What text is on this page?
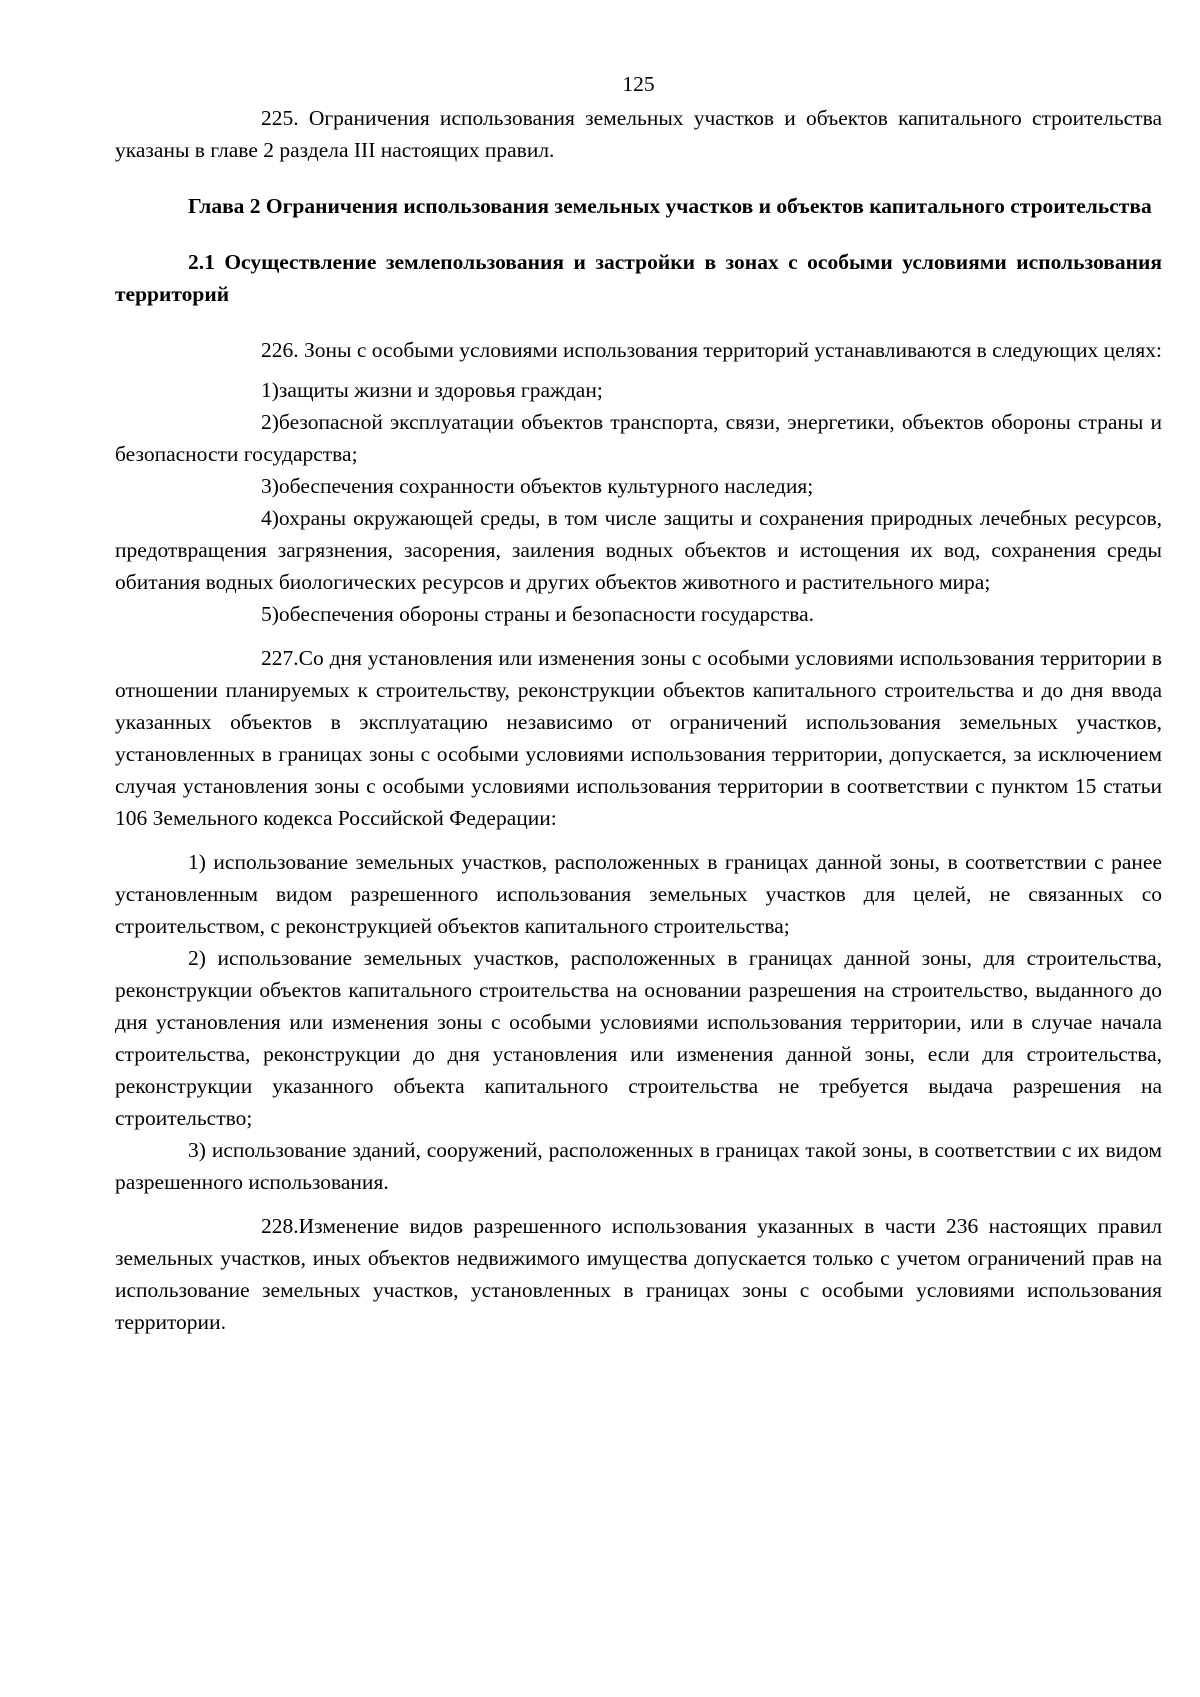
125

225. Ограничения использования земельных участков и объектов капитального строительства указаны в главе 2 раздела III настоящих правил.

Глава 2 Ограничения использования земельных участков и объектов капитального строительства

2.1 Осуществление землепользования и застройки в зонах с особыми условиями использования территорий

226. Зоны с особыми условиями использования территорий устанавливаются в следующих целях:

1)защиты жизни и здоровья граждан;

2)безопасной эксплуатации объектов транспорта, связи, энергетики, объектов обороны страны и безопасности государства;

3)обеспечения сохранности объектов культурного наследия;

4)охраны окружающей среды, в том числе защиты и сохранения природных лечебных ресурсов, предотвращения загрязнения, засорения, заиления водных объектов и истощения их вод, сохранения среды обитания водных биологических ресурсов и других объектов животного и растительного мира;

5)обеспечения обороны страны и безопасности государства.

227.Со дня установления или изменения зоны с особыми условиями использования территории в отношении планируемых к строительству, реконструкции объектов капитального строительства и до дня ввода указанных объектов в эксплуатацию независимо от ограничений использования земельных участков, установленных в границах зоны с особыми условиями использования территории, допускается, за исключением случая установления зоны с особыми условиями использования территории в соответствии с пунктом 15 статьи 106 Земельного кодекса Российской Федерации:

1) использование земельных участков, расположенных в границах данной зоны, в соответствии с ранее установленным видом разрешенного использования земельных участков для целей, не связанных со строительством, с реконструкцией объектов капитального строительства;

2) использование земельных участков, расположенных в границах данной зоны, для строительства, реконструкции объектов капитального строительства на основании разрешения на строительство, выданного до дня установления или изменения зоны с особыми условиями использования территории, или в случае начала строительства, реконструкции до дня установления или изменения данной зоны, если для строительства, реконструкции указанного объекта капитального строительства не требуется выдача разрешения на строительство;

3) использование зданий, сооружений, расположенных в границах такой зоны, в соответствии с их видом разрешенного использования.

228.Изменение видов разрешенного использования указанных в части 236 настоящих правил земельных участков, иных объектов недвижимого имущества допускается только с учетом ограничений прав на использование земельных участков, установленных в границах зоны с особыми условиями использования территории.
